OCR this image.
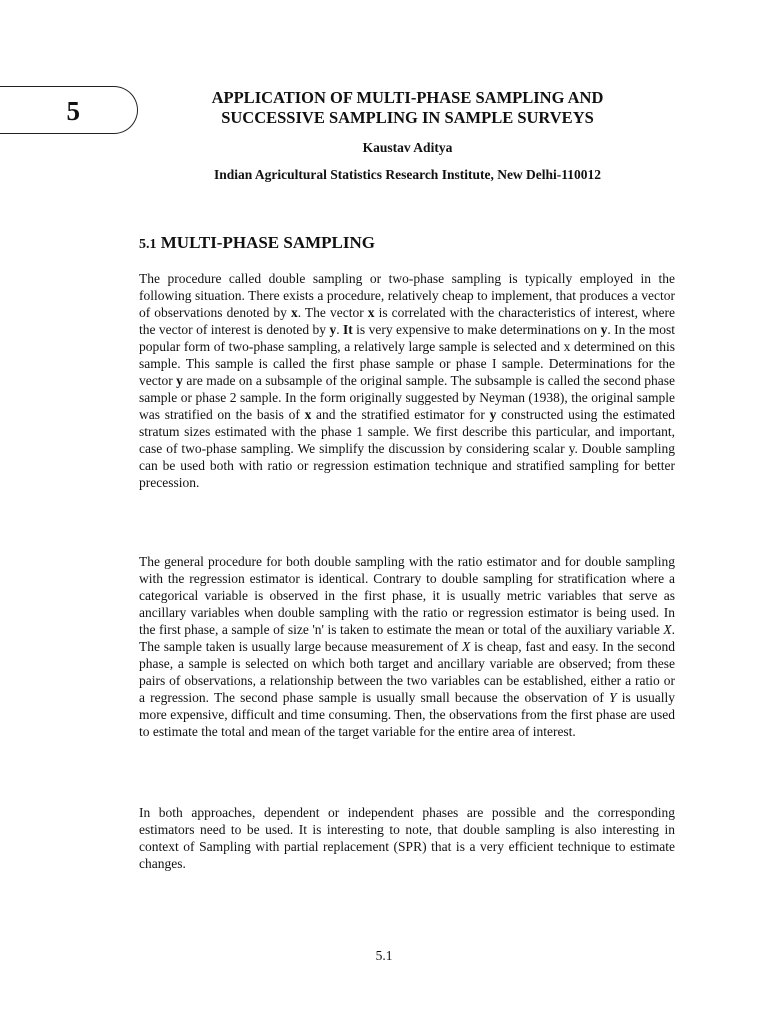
5	APPLICATION OF MULTI-PHASE SAMPLING AND
SUCCESSIVE SAMPLING IN SAMPLE SURVEYS
Kaustav Aditya
Indian Agricultural Statistics Research Institute, New Delhi-110012
5.1 MULTI-PHASE SAMPLING

The procedure called double sampling or two-phase sampling is typically employed in the following situation. There exists a procedure, relatively cheap to implement, that produces a vector of observations denoted by x. The vector x is correlated with the characteristics of interest, where the vector of interest is denoted by y. It is very expensive to make determinations on y. In the most popular form of two-phase sampling, a relatively large sample is selected and x determined on this sample. This sample is called the first phase sample or phase I sample. Determinations for the vector y are made on a subsample of the original sample. The subsample is called the second phase sample or phase 2 sample. In the form originally suggested by Neyman (1938), the original sample was stratified on the basis of x and the stratified estimator for y constructed using the estimated stratum sizes estimated with the phase 1 sample. We first describe this particular, and important, case of two-phase sampling. We simplify the discussion by considering scalar y. Double sampling can be used both with ratio or regression estimation technique and stratified sampling for better precession.

The general procedure for both double sampling with the ratio estimator and for double sampling with the regression estimator is identical. Contrary to double sampling for stratification where a categorical variable is observed in the first phase, it is usually metric variables that serve as ancillary variables when double sampling with the ratio or regression estimator is being used. In the first phase, a sample of size 'n' is taken to estimate the mean or total of the auxiliary variable X. The sample taken is usually large because measurement of X is cheap, fast and easy. In the second phase, a sample is selected on which both target and ancillary variable are observed; from these pairs of observations, a relationship between the two variables can be established, either a ratio or a regression. The second phase sample is usually small because the observation of Y is usually more expensive, difficult and time consuming. Then, the observations from the first phase are used to estimate the total and mean of the target variable for the entire area of interest.

In both approaches, dependent or independent phases are possible and the corresponding estimators need to be used. It is interesting to note, that double sampling is also interesting in context of Sampling with partial replacement (SPR) that is a very efficient technique to estimate changes.

5.1
